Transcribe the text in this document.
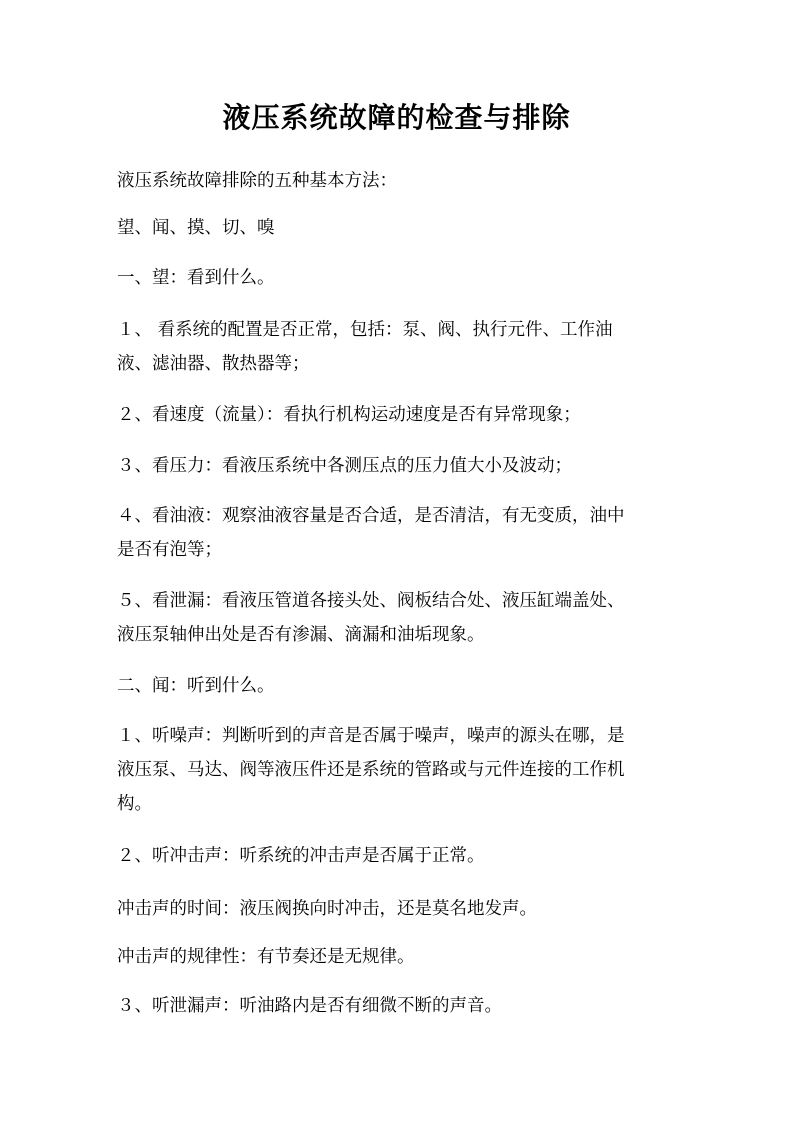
液压系统故障的检查与排除
液压系统故障排除的五种基本方法：
望、闻、摸、切、嗅
一、望：看到什么。
１、 看系统的配置是否正常，包括：泵、阀、执行元件、工作油
液、滤油器、散热器等；
２、看速度（流量）：看执行机构运动速度是否有异常现象；
３、看压力：看液压系统中各测压点的压力值大小及波动；
４、看油液：观察油液容量是否合适，是否清洁，有无变质，油中
是否有泡等；
５、看泄漏：看液压管道各接头处、阀板结合处、液压缸端盖处、
液压泵轴伸出处是否有渗漏、滴漏和油垢现象。
二、闻：听到什么。
１、听噪声：判断听到的声音是否属于噪声，噪声的源头在哪，是
液压泵、马达、阀等液压件还是系统的管路或与元件连接的工作机
构。
２、听冲击声：听系统的冲击声是否属于正常。
冲击声的时间：液压阀换向时冲击，还是莫名地发声。
冲击声的规律性：有节奏还是无规律。
３、听泄漏声：听油路内是否有细微不断的声音。
